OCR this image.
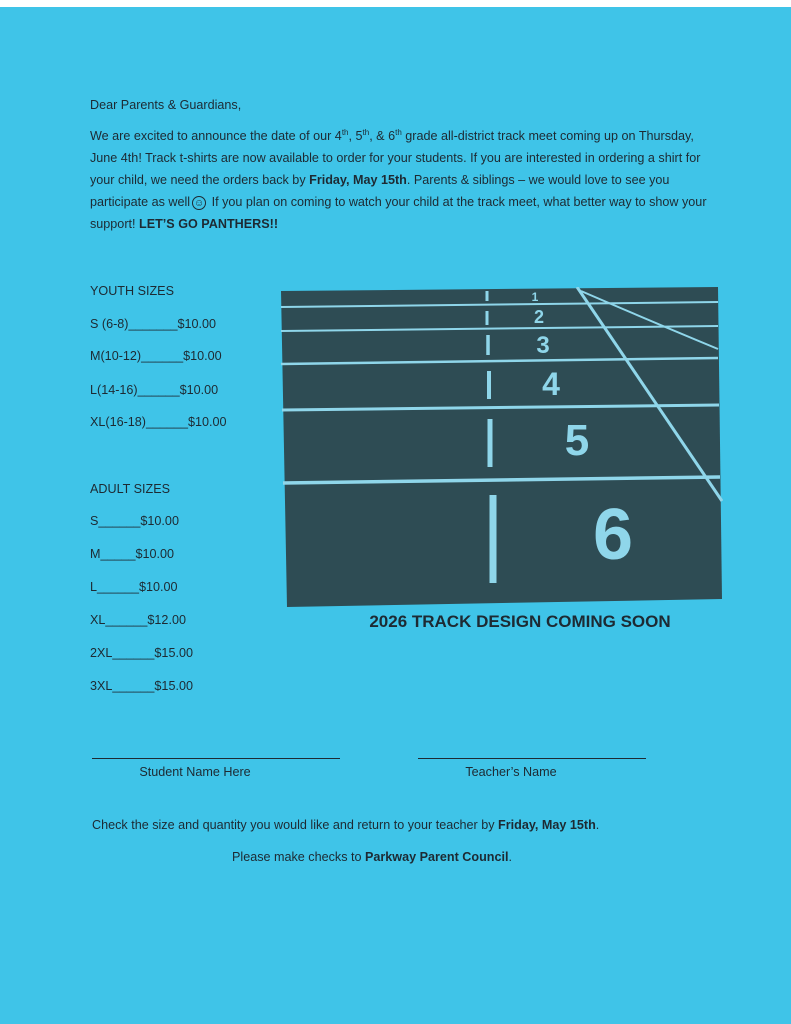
Dear Parents & Guardians,

We are excited to announce the date of our 4th, 5th, & 6th grade all-district track meet coming up on Thursday, June 4th! Track t-shirts are now available to order for your students. If you are interested in ordering a shirt for your child, we need the orders back by Friday, May 15th. Parents & siblings – we would love to see you participate as well ☺ If you plan on coming to watch your child at the track meet, what better way to show your support! LET’S GO PANTHERS!!

YOUTH SIZES
S (6-8)_______$10.00
M(10-12)______$10.00
L(14-16)______$10.00
XL(16-18)______$10.00
ADULT SIZES
S______$10.00
M_____$10.00
L______$10.00
XL______$12.00
2XL______$15.00
3XL______$15.00
1
2
3
4
5
6
2026 TRACK DESIGN COMING SOON
Student Name Here	Teacher’s Name
Check the size and quantity you would like and return to your teacher by Friday, May 15th.
Please make checks to Parkway Parent Council.
